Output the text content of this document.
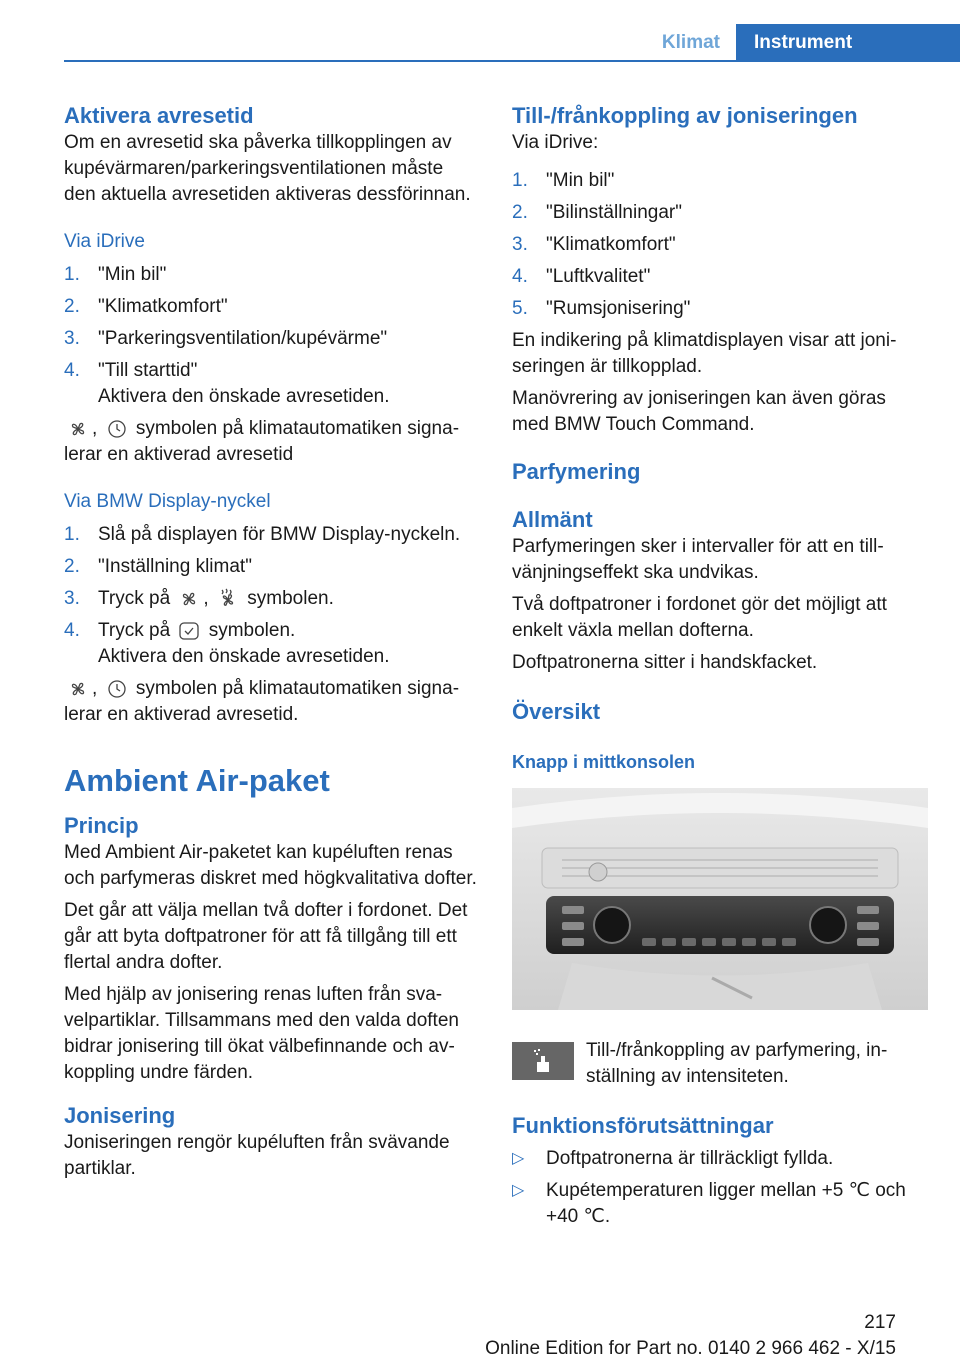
Klimat	Instrument
Aktivera avresetid

Om en avresetid ska påverka tillkopplingen av kupévärmaren/parkeringsventilationen måste den aktuella avresetiden aktiveras dessförinnan.

Via iDrive
1. "Min bil"
2. "Klimatkomfort"
3. "Parkeringsventilation/kupévärme"
4. "Till starttid"
Aktivera den önskade avresetiden.

, symbolen på klimatautomatiken signalerar en aktiverad avresetid

Via BMW Display-nyckel
1. Slå på displayen för BMW Display-nyckeln.
2. "Inställning klimat"
3. Tryck på , symbolen.
4. Tryck på symbolen.
Aktivera den önskade avresetiden.

, symbolen på klimatautomatiken signalerar en aktiverad avresetid.

Ambient Air-paket
Princip

Med Ambient Air-paketet kan kupéluften renas och parfymeras diskret med högkvalitativa dofter.

Det går att välja mellan två dofter i fordonet. Det går att byta doftpatroner för att få tillgång till ett flertal andra dofter.

Med hjälp av jonisering renas luften från svavelpartiklar. Tillsammans med den valda doften bidrar jonisering till ökat välbefinnande och avkoppling undre färden.

Jonisering

Joniseringen rengör kupéluften från svävande partiklar.

Till-/frånkoppling av joniseringen

Via iDrive:

1. "Min bil"
2. "Bilinställningar"
3. "Klimatkomfort"
4. "Luftkvalitet"
5. "Rumsjonisering"

En indikering på klimatdisplayen visar att joniseringen är tillkopplad.

Manövrering av joniseringen kan även göras med BMW Touch Command.

Parfymering
Allmänt

Parfymeringen sker i intervaller för att en tillvänjningseffekt ska undvikas.

Två doftpatroner i fordonet gör det möjligt att enkelt växla mellan dofterna.

Doftpatronerna sitter i handskfacket.

Översikt
Knapp i mittkonsolen

Till-/frånkoppling av parfymering, inställning av intensiteten.

Funktionsförutsättningar
▷ Doftpatronerna är tillräckligt fyllda.
▷ Kupétemperaturen ligger mellan +5 ℃ och +40 ℃.
217
Online Edition for Part no. 0140 2 966 462 - X/15
